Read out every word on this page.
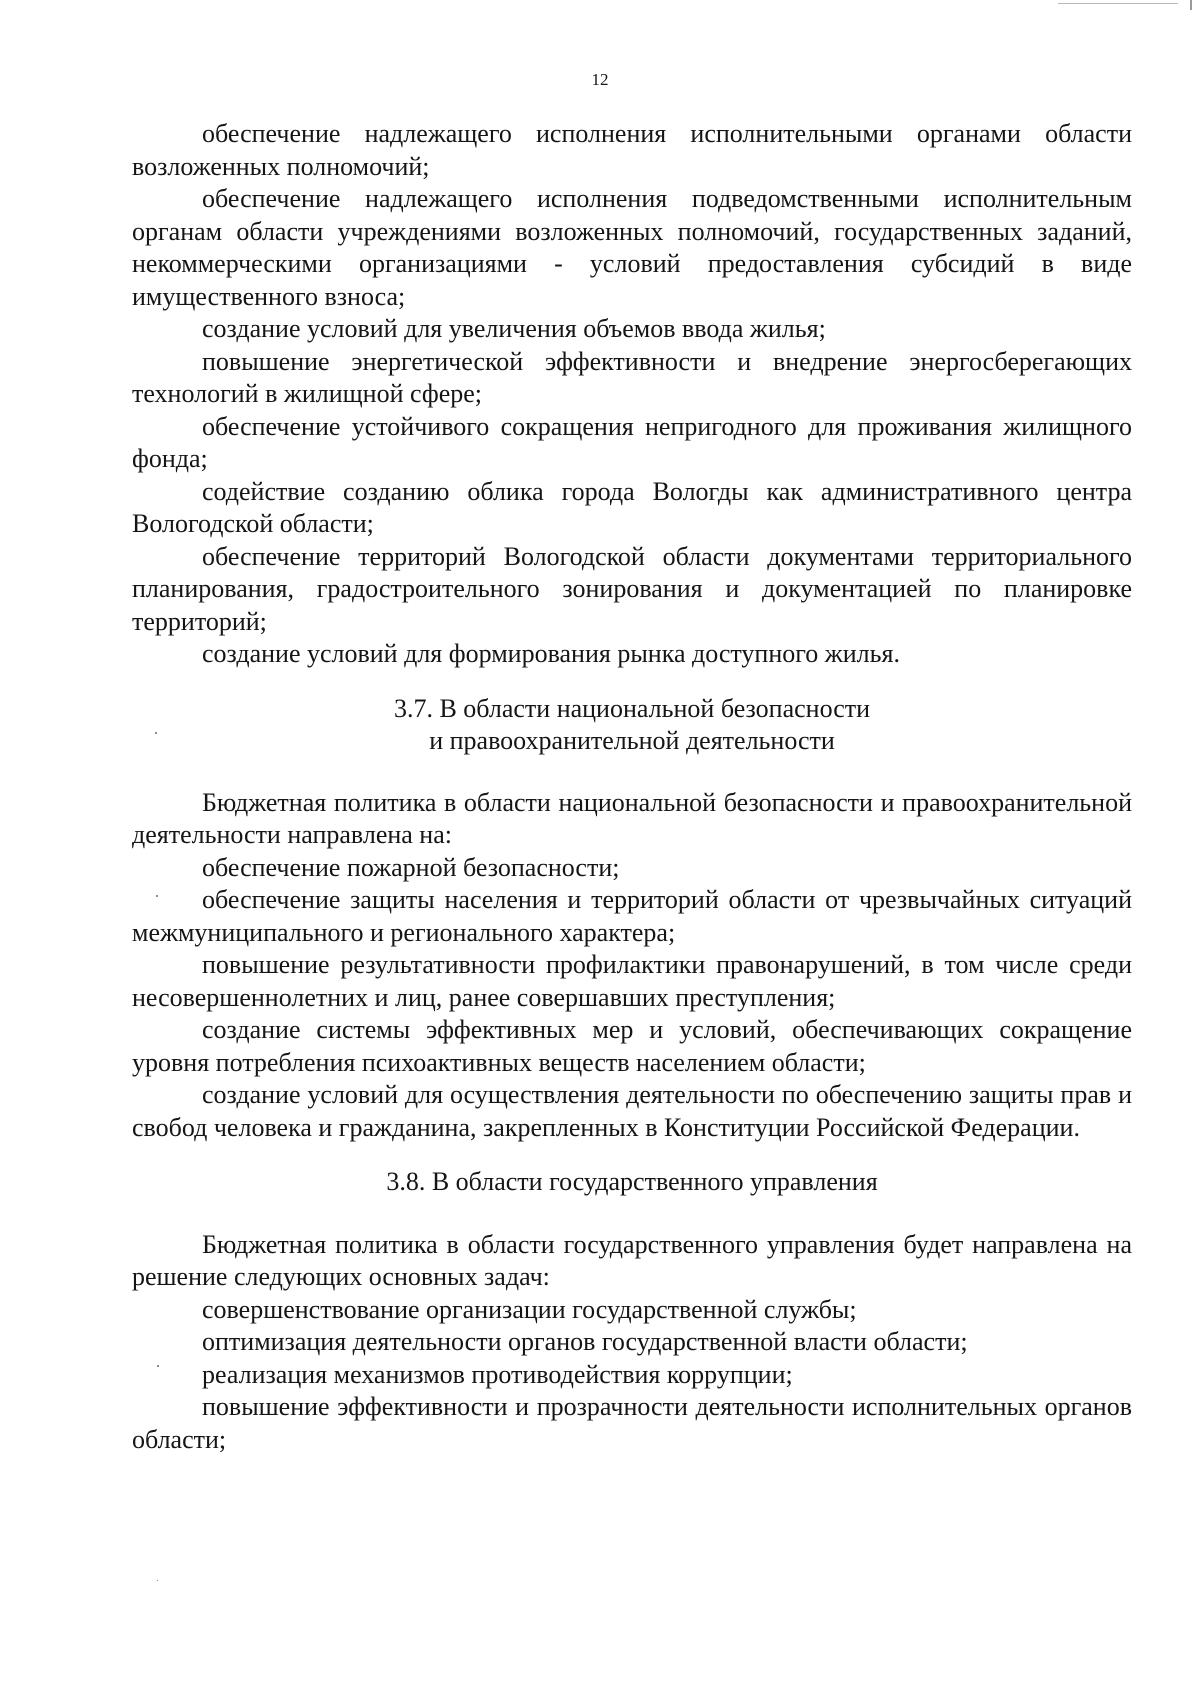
12

обеспечение надлежащего исполнения исполнительными органами области возложенных полномочий;

обеспечение надлежащего исполнения подведомственными исполнительным органам области учреждениями возложенных полномочий, государственных заданий, некоммерческими организациями - условий предоставления субсидий в виде имущественного взноса;

создание условий для увеличения объемов ввода жилья;

повышение энергетической эффективности и внедрение энергосберегающих технологий в жилищной сфере;

обеспечение устойчивого сокращения непригодного для проживания жилищного фонда;

содействие созданию облика города Вологды как административного центра Вологодской области;

обеспечение территорий Вологодской области документами территориального планирования, градостроительного зонирования и документацией по планировке территорий;

создание условий для формирования рынка доступного жилья.

3.7. В области национальной безопасности

и правоохранительной деятельности

Бюджетная политика в области национальной безопасности и правоохранительной деятельности направлена на:

обеспечение пожарной безопасности;

обеспечение защиты населения и территорий области от чрезвычайных ситуаций межмуниципального и регионального характера;

повышение результативности профилактики правонарушений, в том числе среди несовершеннолетних и лиц, ранее совершавших преступления;

создание системы эффективных мер и условий, обеспечивающих сокращение уровня потребления психоактивных веществ населением области;

создание условий для осуществления деятельности по обеспечению защиты прав и свобод человека и гражданина, закрепленных в Конституции Российской Федерации.

3.8. В области государственного управления

Бюджетная политика в области государственного управления будет направлена на решение следующих основных задач:

совершенствование организации государственной службы;

оптимизация деятельности органов государственной власти области;

реализация механизмов противодействия коррупции;

повышение эффективности и прозрачности деятельности исполнительных органов области;
